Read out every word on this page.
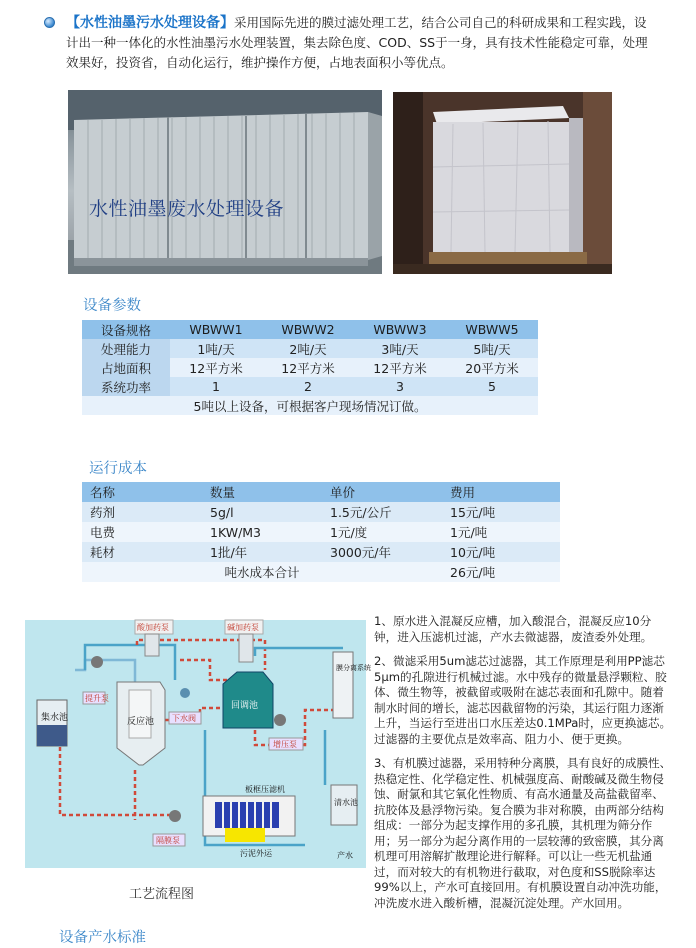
【水性油墨污水处理设备】采用国际先进的膜过滤处理工艺，结合公司自己的科研成果和工程实践，设计出一种一体化的水性油墨污水处理装置，集去除色度、COD、SS于一身，具有技术性能稳定可靠，处理效果好，投资省，自动化运行，维护操作方便，占地表面积小等优点。
水性油墨废水处理设备
设备参数
设备规格	WBWW1	WBWW2	WBWW3	WBWW5
处理能力	1吨/天	2吨/天	3吨/天	5吨/天
占地面积	12平方米	12平方米	12平方米	20平方米
系统功率	1	2	3	5
5吨以上设备，可根据客户现场情况订做。				
运行成本
名称	数量	单价	费用
药剂	5g/l	1.5元/公斤	15元/吨
电费	1KW/M3	1元/度	1元/吨
耗材	1批/年	3000元/年	10元/吨
吨水成本合计			26元/吨
集水池
提升泵
反应池
酸加药泵	碱加药泵
下水阀
回调池
增压泵
膜分离系统
清水池
产水
板框压滤机
污泥外运
隔膜泵
工艺流程图

1、原水进入混凝反应槽，加入酸混合，混凝反应10分钟，进入压滤机过滤，产水去微滤器，废渣委外处理。

2、微滤采用5um滤芯过滤器，其工作原理是利用PP滤芯5μm的孔隙进行机械过滤。水中残存的微量悬浮颗粒、胶体、微生物等，被截留或吸附在滤芯表面和孔隙中。随着制水时间的增长，滤芯因截留物的污染，其运行阻力逐渐上升，当运行至进出口水压差达0.1MPa时，应更换滤芯。过滤器的主要优点是效率高、阻力小、便于更换。

3、有机膜过滤器，采用特种分离膜，具有良好的成膜性、热稳定性、化学稳定性、机械强度高、耐酸碱及微生物侵蚀、耐氯和其它氧化性物质、有高水通量及高盐截留率、抗胶体及悬浮物污染。复合膜为非对称膜，由两部分结构组成：一部分为起支撑作用的多孔膜，其机理为筛分作用；另一部分为起分离作用的一层较薄的致密膜，其分离机理可用溶解扩散理论进行解释。可以让一些无机盐通过，而对较大的有机物进行截取，对色度和SS脱除率达99%以上，产水可直接回用。有机膜设置自动冲洗功能，冲洗废水进入酸析槽，混凝沉淀处理。产水回用。

设备产水标准
